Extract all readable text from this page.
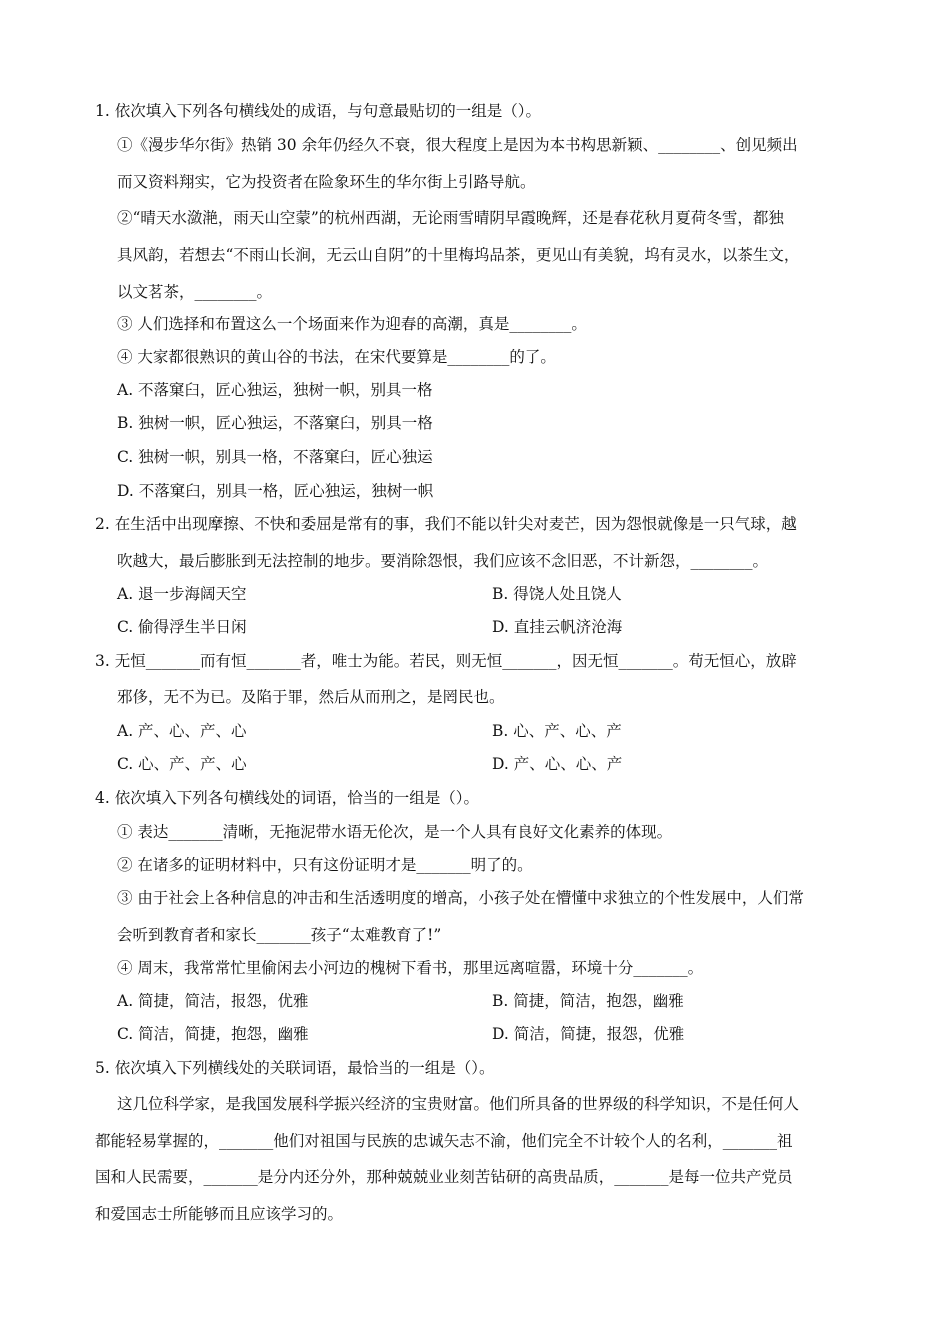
1. 依次填入下列各句横线处的成语，与句意最贴切的一组是（）。
①《漫步华尔街》热销 30 余年仍经久不衰，很大程度上是因为本书构思新颖、________、创见频出
而又资料翔实，它为投资者在险象环生的华尔街上引路导航。
②“晴天水潋滟，雨天山空蒙”的杭州西湖，无论雨雪晴阴早霞晚辉，还是春花秋月夏荷冬雪，都独
具风韵，若想去“不雨山长涧，无云山自阴”的十里梅坞品茶，更见山有美貌，坞有灵水，以茶生文，
以文茗茶，________。
③ 人们选择和布置这么一个场面来作为迎春的高潮，真是________。
④ 大家都很熟识的黄山谷的书法，在宋代要算是________的了。
A. 不落窠臼，匠心独运，独树一帜，别具一格
B. 独树一帜，匠心独运，不落窠臼，别具一格
C. 独树一帜，别具一格，不落窠臼，匠心独运
D. 不落窠臼，别具一格，匠心独运，独树一帜
2. 在生活中出现摩擦、不快和委屈是常有的事，我们不能以针尖对麦芒，因为怨恨就像是一只气球，越
吹越大，最后膨胀到无法控制的地步。要消除怨恨，我们应该不念旧恶，不计新怨，________。
A. 退一步海阔天空	B. 得饶人处且饶人
C. 偷得浮生半日闲	D. 直挂云帆济沧海
3. 无恒_______而有恒_______者，唯士为能。若民，则无恒_______，因无恒_______。苟无恒心，放辟
邪侈，无不为已。及陷于罪，然后从而刑之，是罔民也。
A. 产、心、产、心	B. 心、产、心、产
C. 心、产、产、心	D. 产、心、心、产
4. 依次填入下列各句横线处的词语，恰当的一组是（）。
① 表达_______清晰，无拖泥带水语无伦次，是一个人具有良好文化素养的体现。
② 在诸多的证明材料中，只有这份证明才是_______明了的。
③ 由于社会上各种信息的冲击和生活透明度的增高，小孩子处在懵懂中求独立的个性发展中，人们常
会听到教育者和家长_______孩子“太难教育了!”
④ 周末，我常常忙里偷闲去小河边的槐树下看书，那里远离喧嚣，环境十分_______。
A. 简捷，简洁，报怨，优雅	B. 简捷，简洁，抱怨，幽雅
C. 简洁，简捷，抱怨，幽雅	D. 简洁，简捷，报怨，优雅
5. 依次填入下列横线处的关联词语，最恰当的一组是（）。
这几位科学家，是我国发展科学振兴经济的宝贵财富。他们所具备的世界级的科学知识，不是任何人
都能轻易掌握的，_______他们对祖国与民族的忠诚矢志不渝，他们完全不计较个人的名利，_______祖
国和人民需要，_______是分内还分外，那种兢兢业业刻苦钻研的高贵品质，_______是每一位共产党员
和爱国志士所能够而且应该学习的。
